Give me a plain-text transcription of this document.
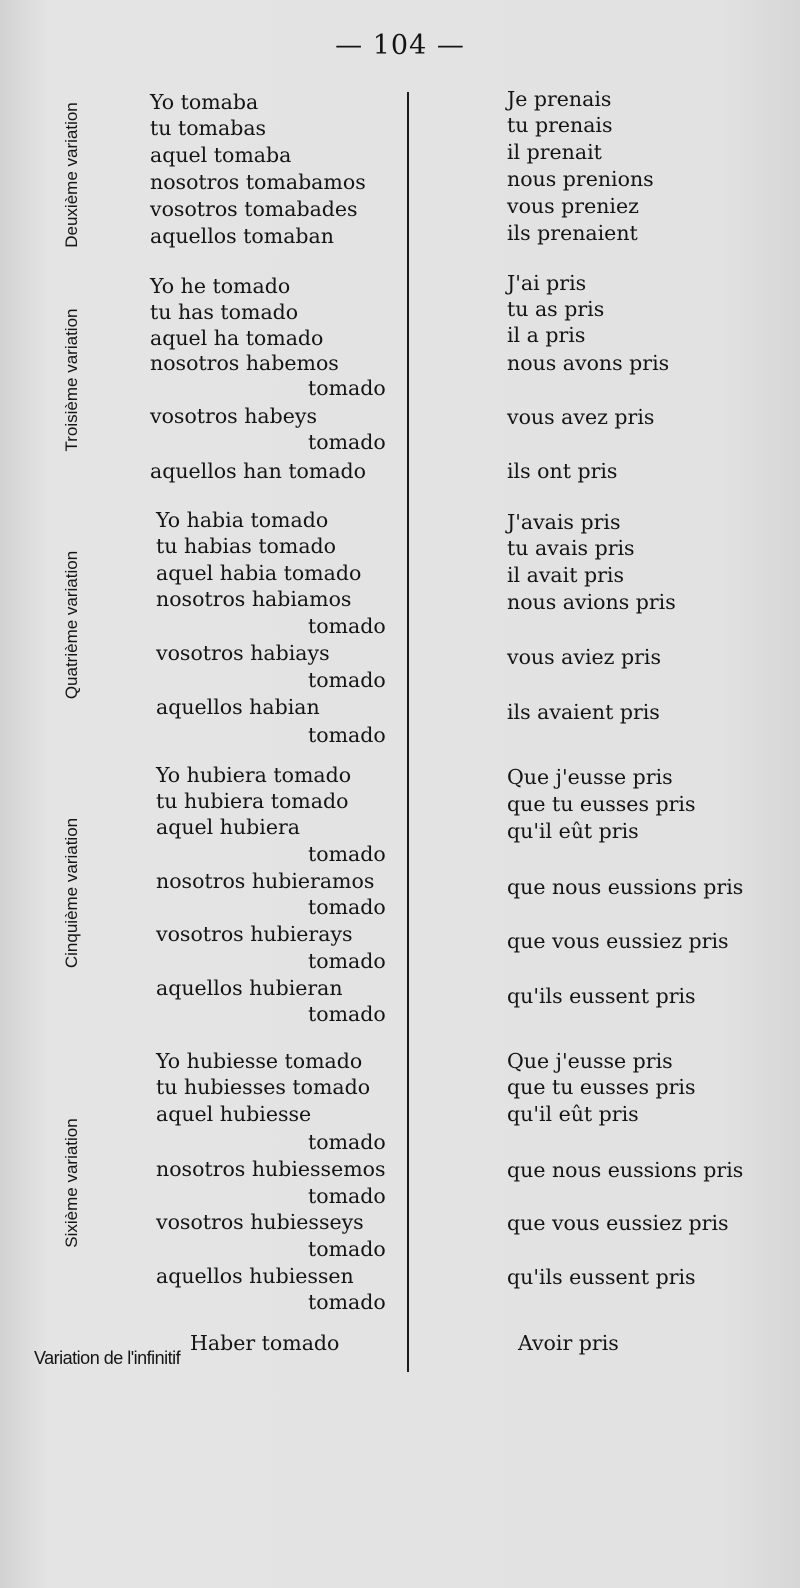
— 104 —
Deuxième variation
Yo tomaba
tu tomabas
aquel tomaba
nosotros tomabamos
vosotros tomabades
aquellos tomaban
Je prenais
tu prenais
il prenait
nous prenions
vous preniez
ils prenaient
Troisième variation
Yo he tomado
tu has tomado
aquel ha tomado
nosotros habemos
tomado
vosotros habeys
tomado
aquellos han tomado
J'ai pris
tu as pris
il a pris
nous avons pris
vous avez pris
ils ont pris
Quatrième variation
Yo habia tomado
tu habias tomado
aquel habia tomado
nosotros habiamos
tomado
vosotros habiays
tomado
aquellos habian
tomado
J'avais pris
tu avais pris
il avait pris
nous avions pris
vous aviez pris
ils avaient pris
Cinquième variation
Yo hubiera tomado
tu hubiera tomado
aquel hubiera
tomado
nosotros hubieramos
tomado
vosotros hubierays
tomado
aquellos hubieran
tomado
Que j'eusse pris
que tu eusses pris
qu'il eût pris
que nous eussions pris
que vous eussiez pris
qu'ils eussent pris
Sixième variation
Yo hubiesse tomado
tu hubiesses tomado
aquel hubiesse
tomado
nosotros hubiessemos
tomado
vosotros hubiesseys
tomado
aquellos hubiessen
tomado
Que j'eusse pris
que tu eusses pris
qu'il eût pris
que nous eussions pris
que vous eussiez pris
qu'ils eussent pris
Variation de l'infinitif
Haber tomado	Avoir pris
